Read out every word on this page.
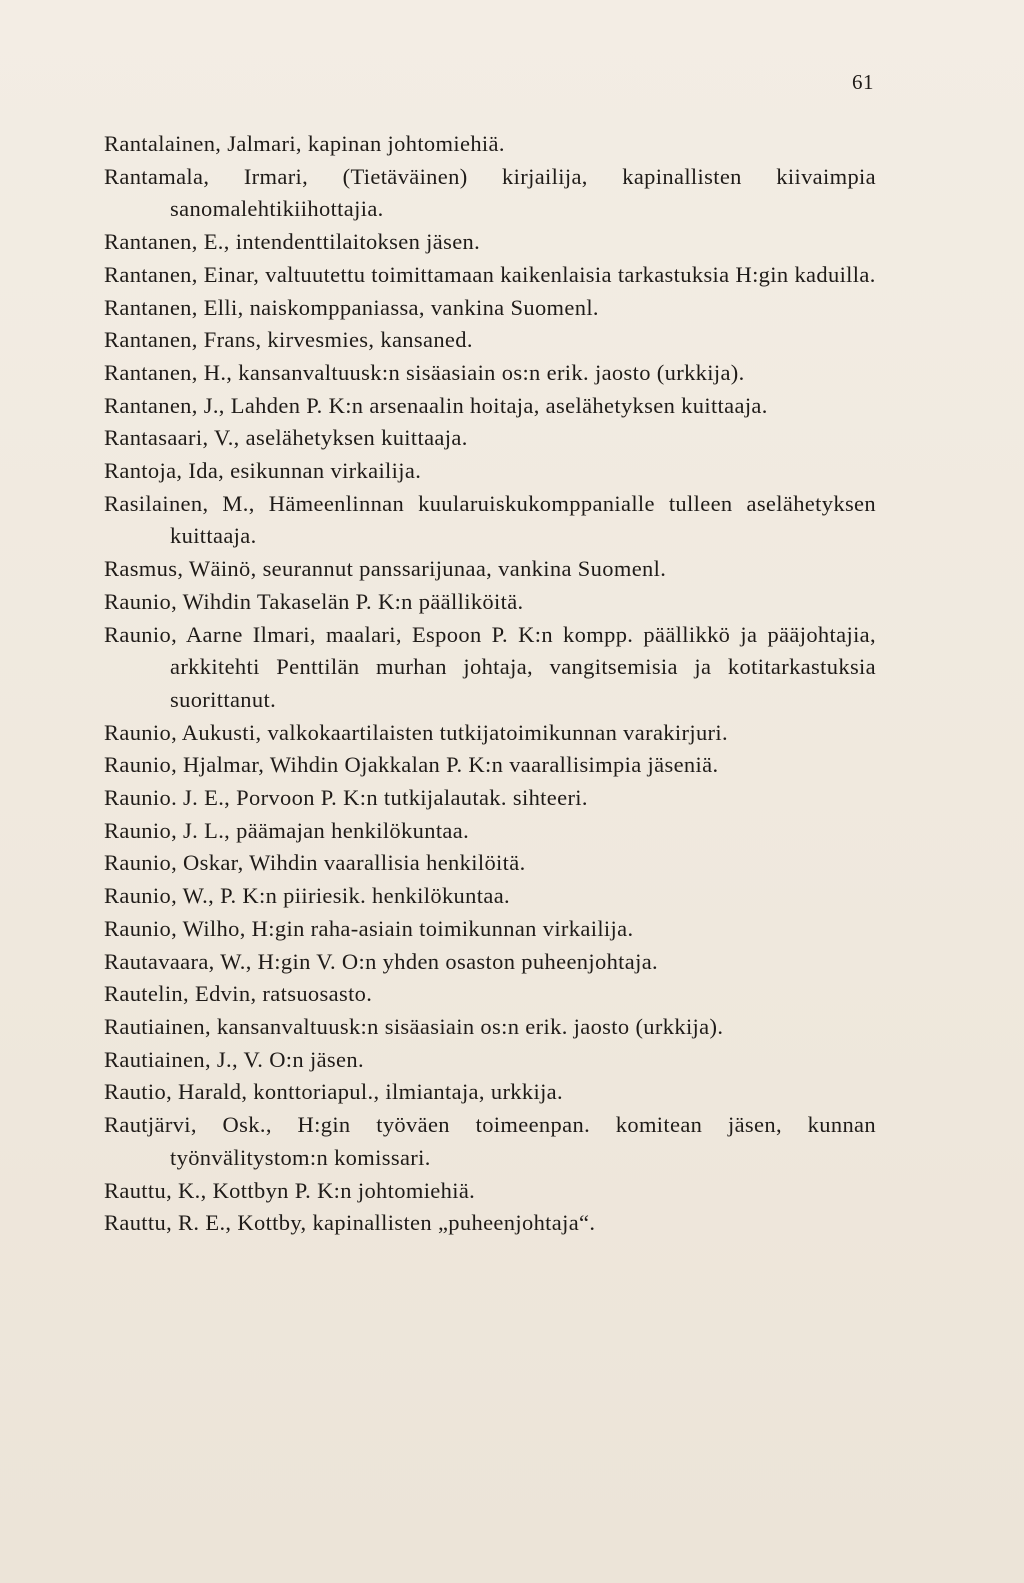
61
Rantalainen, Jalmari, kapinan johtomiehiä.
Rantamala, Irmari, (Tietäväinen) kirjailija, kapinallisten kiivaimpia sanomalehtikiihottajia.
Rantanen, E., intendenttilaitoksen jäsen.
Rantanen, Einar, valtuutettu toimittamaan kaikenlaisia tarkastuksia H:gin kaduilla.
Rantanen, Elli, naiskomppaniassa, vankina Suomenl.
Rantanen, Frans, kirvesmies, kansaned.
Rantanen, H., kansanvaltuusk:n sisäasiain os:n erik. jaosto (urkkija).
Rantanen, J., Lahden P. K:n arsenaalin hoitaja, aselähetyksen kuittaaja.
Rantasaari, V., aselähetyksen kuittaaja.
Rantoja, Ida, esikunnan virkailija.
Rasilainen, M., Hämeenlinnan kuularuiskukomppanialle tulleen aselähetyksen kuittaaja.
Rasmus, Wäinö, seurannut panssarijunaa, vankina Suomenl.
Raunio, Wihdin Takaselän P. K:n päälliköitä.
Raunio, Aarne Ilmari, maalari, Espoon P. K:n kompp. päällikkö ja pääjohtajia, arkkitehti Penttilän murhan johtaja, vangitsemisia ja kotitarkastuksia suorittanut.
Raunio, Aukusti, valkokaartilaisten tutkijatoimikunnan varakirjuri.
Raunio, Hjalmar, Wihdin Ojakkalan P. K:n vaarallisimpia jäseniä.
Raunio. J. E., Porvoon P. K:n tutkijalautak. sihteeri.
Raunio, J. L., päämajan henkilökuntaa.
Raunio, Oskar, Wihdin vaarallisia henkilöitä.
Raunio, W., P. K:n piiriesik. henkilökuntaa.
Raunio, Wilho, H:gin raha-asiain toimikunnan virkailija.
Rautavaara, W., H:gin V. O:n yhden osaston puheenjohtaja.
Rautelin, Edvin, ratsuosasto.
Rautiainen, kansanvaltuusk:n sisäasiain os:n erik. jaosto (urkkija).
Rautiainen, J., V. O:n jäsen.
Rautio, Harald, konttoriapul., ilmiantaja, urkkija.
Rautjärvi, Osk., H:gin työväen toimeenpan. komitean jäsen, kunnan työnvälitystom:n komissari.
Rauttu, K., Kottbyn P. K:n johtomiehiä.
Rauttu, R. E., Kottby, kapinallisten „puheenjohtaja“.
